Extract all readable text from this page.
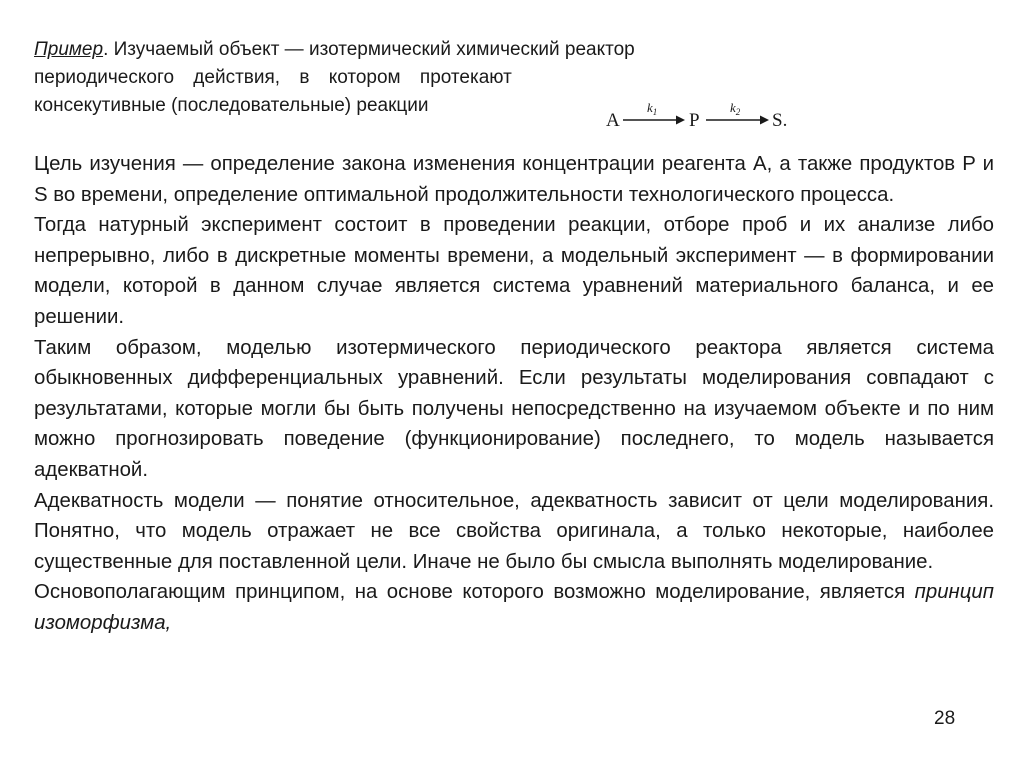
Пример. Изучаемый объект — изотермический химический реактор
периодического действия, в котором протекают
консекутивные (последовательные) реакции
A
$k_1$ P
$k_2$ S.

Цель изучения — определение закона изменения концентрации реагента A, а также продуктов P и S во времени, определение оптимальной продолжительности технологического процесса.

Тогда натурный эксперимент состоит в проведении реакции, отборе проб и их анализе либо непрерывно, либо в дискретные моменты времени, а модельный эксперимент — в формировании модели, которой в данном случае является система уравнений материального баланса, и ее решении.

Таким образом, моделью изотермического периодического реактора является система обыкновенных дифференциальных уравнений. Если результаты моделирования совпадают с результатами, которые могли бы быть получены непосредственно на изучаемом объекте и по ним можно прогнозировать поведение (функционирование) последнего, то модель называется адекватной.

Адекватность модели — понятие относительное, адекватность зависит от цели моделирования. Понятно, что модель отражает не все свойства оригинала, а только некоторые, наиболее существенные для поставленной цели. Иначе не было бы смысла выполнять моделирование.

Основополагающим принципом, на основе которого возможно моделирование, является принцип изоморфизма,

28
